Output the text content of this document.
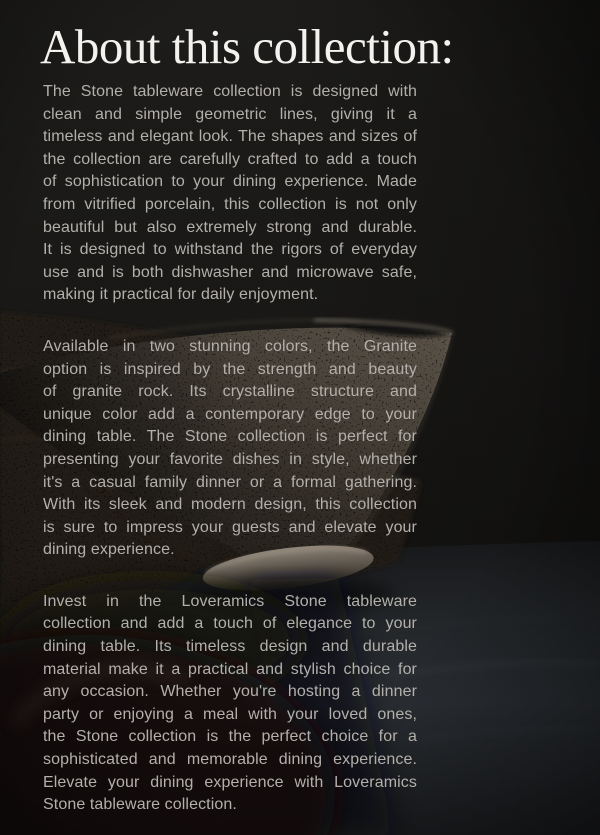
About this collection:
The Stone tableware collection is designed with
clean and simple geometric lines, giving it a
timeless and elegant look. The shapes and sizes of
the collection are carefully crafted to add a touch
of sophistication to your dining experience. Made
from vitrified porcelain, this collection is not only
beautiful but also extremely strong and durable.
It is designed to withstand the rigors of everyday
use and is both dishwasher and microwave safe,
making it practical for daily enjoyment.
Available in two stunning colors, the Granite
option is inspired by the strength and beauty
of granite rock. Its crystalline structure and
unique color add a contemporary edge to your
dining table. The Stone collection is perfect for
presenting your favorite dishes in style, whether
it's a casual family dinner or a formal gathering.
With its sleek and modern design, this collection
is sure to impress your guests and elevate your
dining experience.
Invest in the Loveramics Stone tableware
collection and add a touch of elegance to your
dining table. Its timeless design and durable
material make it a practical and stylish choice for
any occasion. Whether you're hosting a dinner
party or enjoying a meal with your loved ones,
the Stone collection is the perfect choice for a
sophisticated and memorable dining experience.
Elevate your dining experience with Loveramics
Stone tableware collection.
